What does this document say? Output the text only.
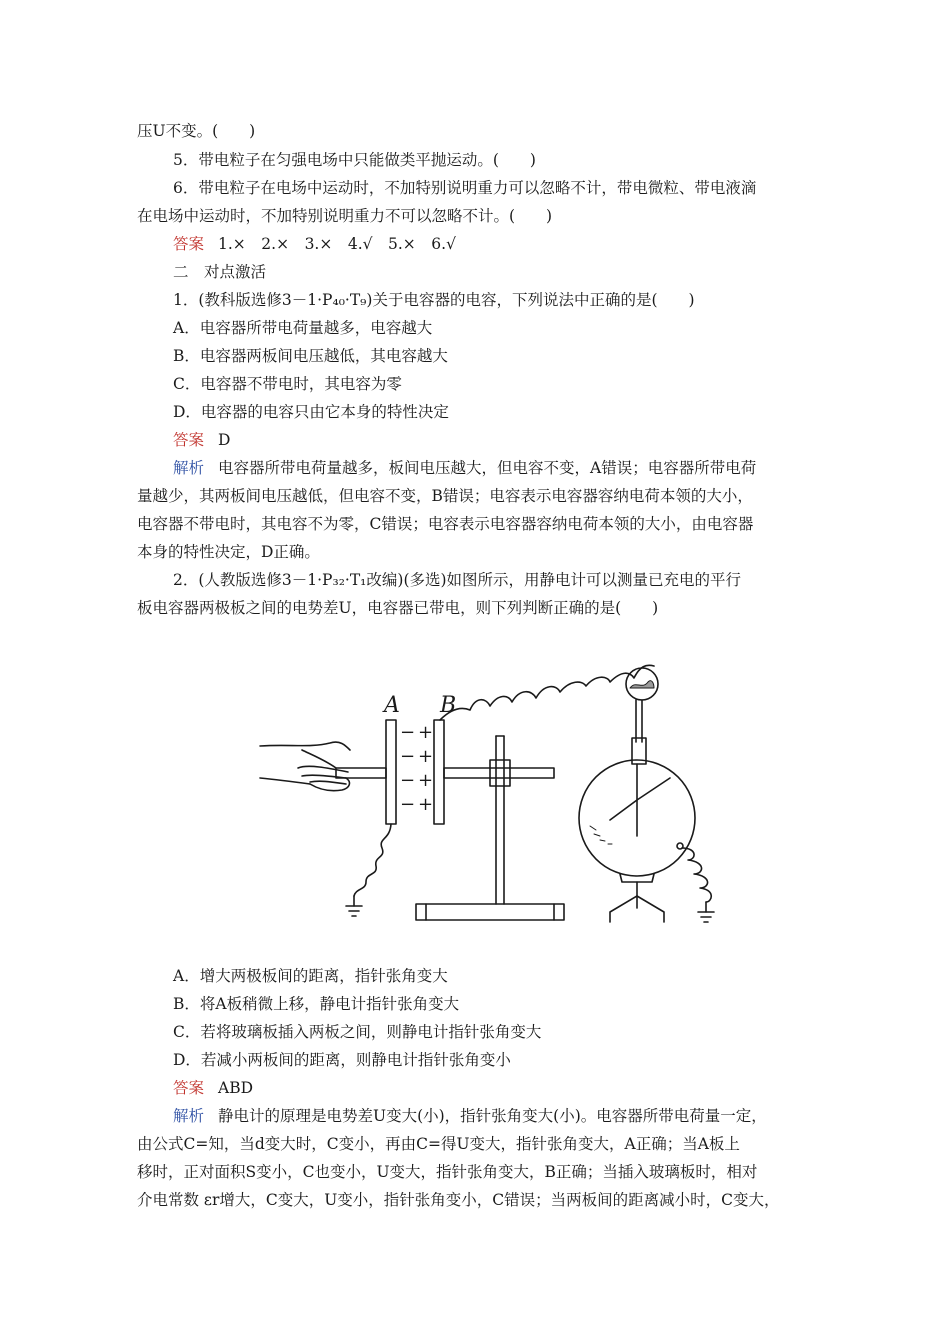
压U不变。(　　)
5．带电粒子在匀强电场中只能做类平抛运动。(　　)
6．带电粒子在电场中运动时，不加特别说明重力可以忽略不计，带电微粒、带电液滴
在电场中运动时，不加特别说明重力不可以忽略不计。(　　)
答案 1.×　2.×　3.×　4.√　5.×　6.√
二　对点激活
1．(教科版选修3－1·P₄₀·T₉)关于电容器的电容，下列说法中正确的是(　　)
A．电容器所带电荷量越多，电容越大
B．电容器两板间电压越低，其电容越大
C．电容器不带电时，其电容为零
D．电容器的电容只由它本身的特性决定
答案 D
解析 电容器所带电荷量越多，板间电压越大，但电容不变，A错误；电容器所带电荷
量越少，其两板间电压越低，但电容不变，B错误；电容表示电容器容纳电荷本领的大小，
电容器不带电时，其电容不为零，C错误；电容表示电容器容纳电荷本领的大小，由电容器
本身的特性决定，D正确。
2．(人教版选修3－1·P₃₂·T₁改编)(多选)如图所示，用静电计可以测量已充电的平行
板电容器两极板之间的电势差U，电容器已带电，则下列判断正确的是(　　)
A B
−
−
−
−
+
+
+
+
A．增大两极板间的距离，指针张角变大
B．将A板稍微上移，静电计指针张角变大
C．若将玻璃板插入两板之间，则静电计指针张角变大
D．若减小两板间的距离，则静电计指针张角变小
答案 ABD
解析 静电计的原理是电势差U变大(小)，指针张角变大(小)。电容器所带电荷量一定，
由公式C=知，当d变大时，C变小，再由C=得U变大，指针张角变大，A正确；当A板上
移时，正对面积S变小，C也变小，U变大，指针张角变大，B正确；当插入玻璃板时，相对
介电常数 εr增大，C变大，U变小，指针张角变小，C错误；当两板间的距离减小时，C变大，
